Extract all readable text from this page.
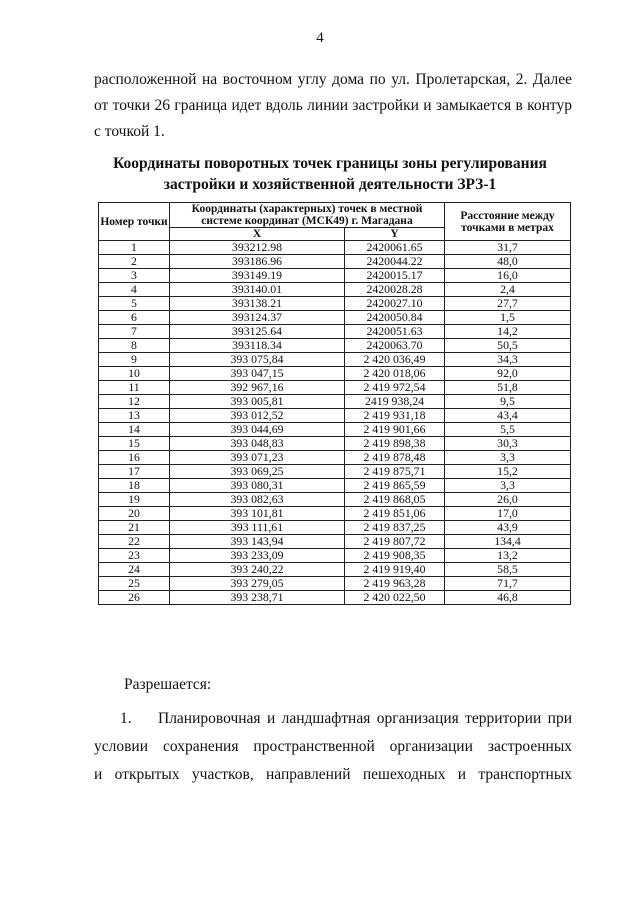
4
расположенной на восточном углу дома по ул. Пролетарская, 2. Далее
от точки 26 граница идет вдоль линии застройки и замыкается в контур
с точкой 1.
Координаты поворотных точек границы зоны регулирования
застройки и хозяйственной деятельности ЗРЗ-1
Номер точки	Координаты (характерных) точек в местной системе координат (МСК49) г. Магадана		Расстояние между точками в метрах
	X	Y	
1	393212.98	2420061.65	31,7
2	393186.96	2420044.22	48,0
3	393149.19	2420015.17	16,0
4	393140.01	2420028.28	2,4
5	393138.21	2420027.10	27,7
6	393124.37	2420050.84	1,5
7	393125.64	2420051.63	14,2
8	393118.34	2420063.70	50,5
9	393 075,84	2 420 036,49	34,3
10	393 047,15	2 420 018,06	92,0
11	392 967,16	2 419 972,54	51,8
12	393 005,81	2419 938,24	9,5
13	393 012,52	2 419 931,18	43,4
14	393 044,69	2 419 901,66	5,5
15	393 048,83	2 419 898,38	30,3
16	393 071,23	2 419 878,48	3,3
17	393 069,25	2 419 875,71	15,2
18	393 080,31	2 419 865,59	3,3
19	393 082,63	2 419 868,05	26,0
20	393 101,81	2 419 851,06	17,0
21	393 111,61	2 419 837,25	43,9
22	393 143,94	2 419 807,72	134,4
23	393 233,09	2 419 908,35	13,2
24	393 240,22	2 419 919,40	58,5
25	393 279,05	2 419 963,28	71,7
26	393 238,71	2 420 022,50	46,8
Разрешается:
1. Планировочная и ландшафтная организация территории при
условии сохранения пространственной организации застроенных
и открытых участков, направлений пешеходных и транспортных
